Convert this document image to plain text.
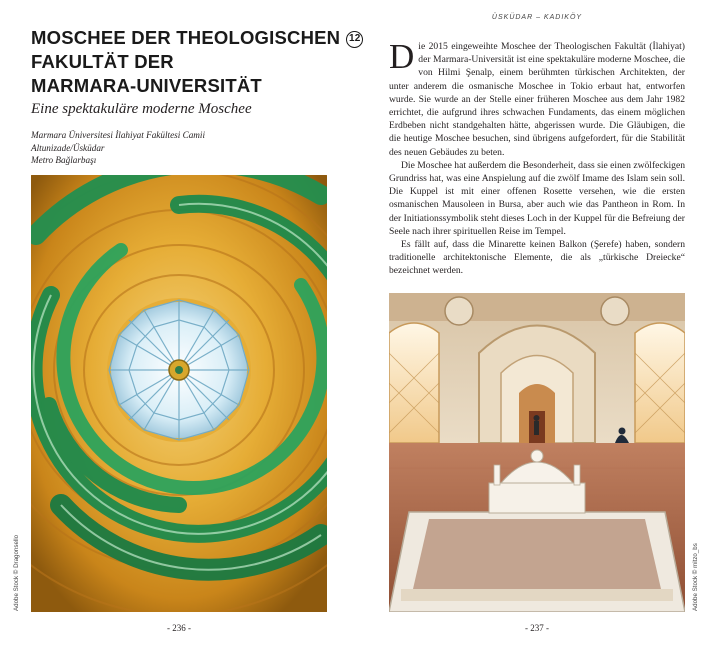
MOSCHEE DER THEOLOGISCHEN 12
FAKULTÄT DER
MARMARA-UNIVERSITÄT
Eine spektakuläre moderne Moschee
Marmara Üniversitesi İlahiyat Fakültesi Camii
Altunizade/Üsküdar
Metro Bağlarbaşı
Adobe Stock © Dragonsello
- 236 -
ÜSKÜDAR – KADIKÖY

Die 2015 eingeweihte Moschee der Theologischen Fakultät (İlahiyat) der Marmara-Universität ist eine spektakuläre moderne Moschee, die von Hilmi Şenalp, einem berühmten türkischen Architekten, der unter anderem die osmanische Moschee in Tokio erbaut hat, entworfen wurde. Sie wurde an der Stelle einer früheren Moschee aus dem Jahr 1982 errichtet, die aufgrund ihres schwachen Fundaments, das einem möglichen Erdbeben nicht standgehalten hätte, abgerissen wurde. Die Gläubigen, die die heutige Moschee besuchen, sind übrigens aufgefordert, für die Stabilität des neuen Gebäudes zu beten.

Die Moschee hat außerdem die Besonderheit, dass sie einen zwölfeckigen Grundriss hat, was eine Anspielung auf die zwölf Imame des Islam sein soll. Die Kuppel ist mit einer offenen Rosette versehen, wie die ersten osmanischen Mausoleen in Bursa, aber auch wie das Pantheon in Rom. In der Initiationssymbolik steht dieses Loch in der Kuppel für die Befreiung der Seele nach ihrer spirituellen Reise im Tempel.

Es fällt auf, dass die Minarette keinen Balkon (Şerefe) haben, sondern traditionelle architektonische Elemente, die als „türkische Dreiecke“ bezeichnet werden.

Adobe Stock © mitzo_bs
- 237 -
